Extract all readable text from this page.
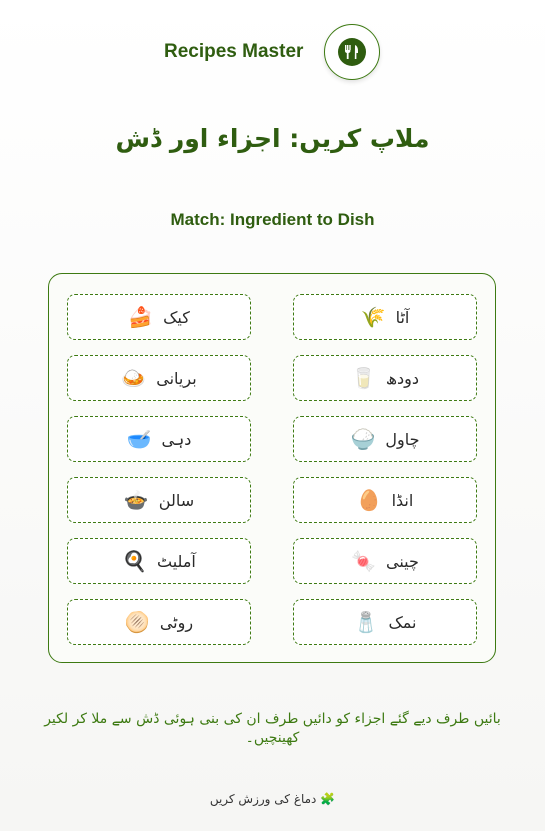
Recipes Master
ملاپ کریں: اجزاء اور ڈش
Match: Ingredient to Dish
🍰 کیک
🍛 بریانی
🥣 دہی
🍲 سالن
🍳 آملیٹ
🫓 روٹی
🌾 آٹا
🥛 دودھ
🍚 چاول
🥚 انڈا
🍬 چینی
🧂 نمک
بائیں طرف دیے گئے اجزاء کو دائیں طرف ان کی بنی ہوئی ڈش سے ملا کر لکیر کھینچیں۔
🧩 دماغ کی ورزش کریں
